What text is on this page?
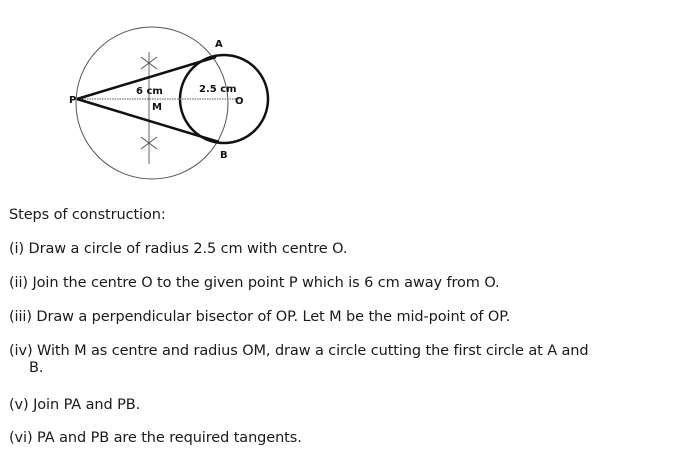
P
A
B
O
M
6 cm	2.5 cm
Steps of construction:
(i) Draw a circle of radius 2.5 cm with centre O.
(ii) Join the centre O to the given point P which is 6 cm away from O.
(iii) Draw a perpendicular bisector of OP. Let M be the mid-point of OP.
(iv) With M as centre and radius OM, draw a circle cutting the first circle at A and
B.
(v) Join PA and PB.
(vi) PA and PB are the required tangents.
